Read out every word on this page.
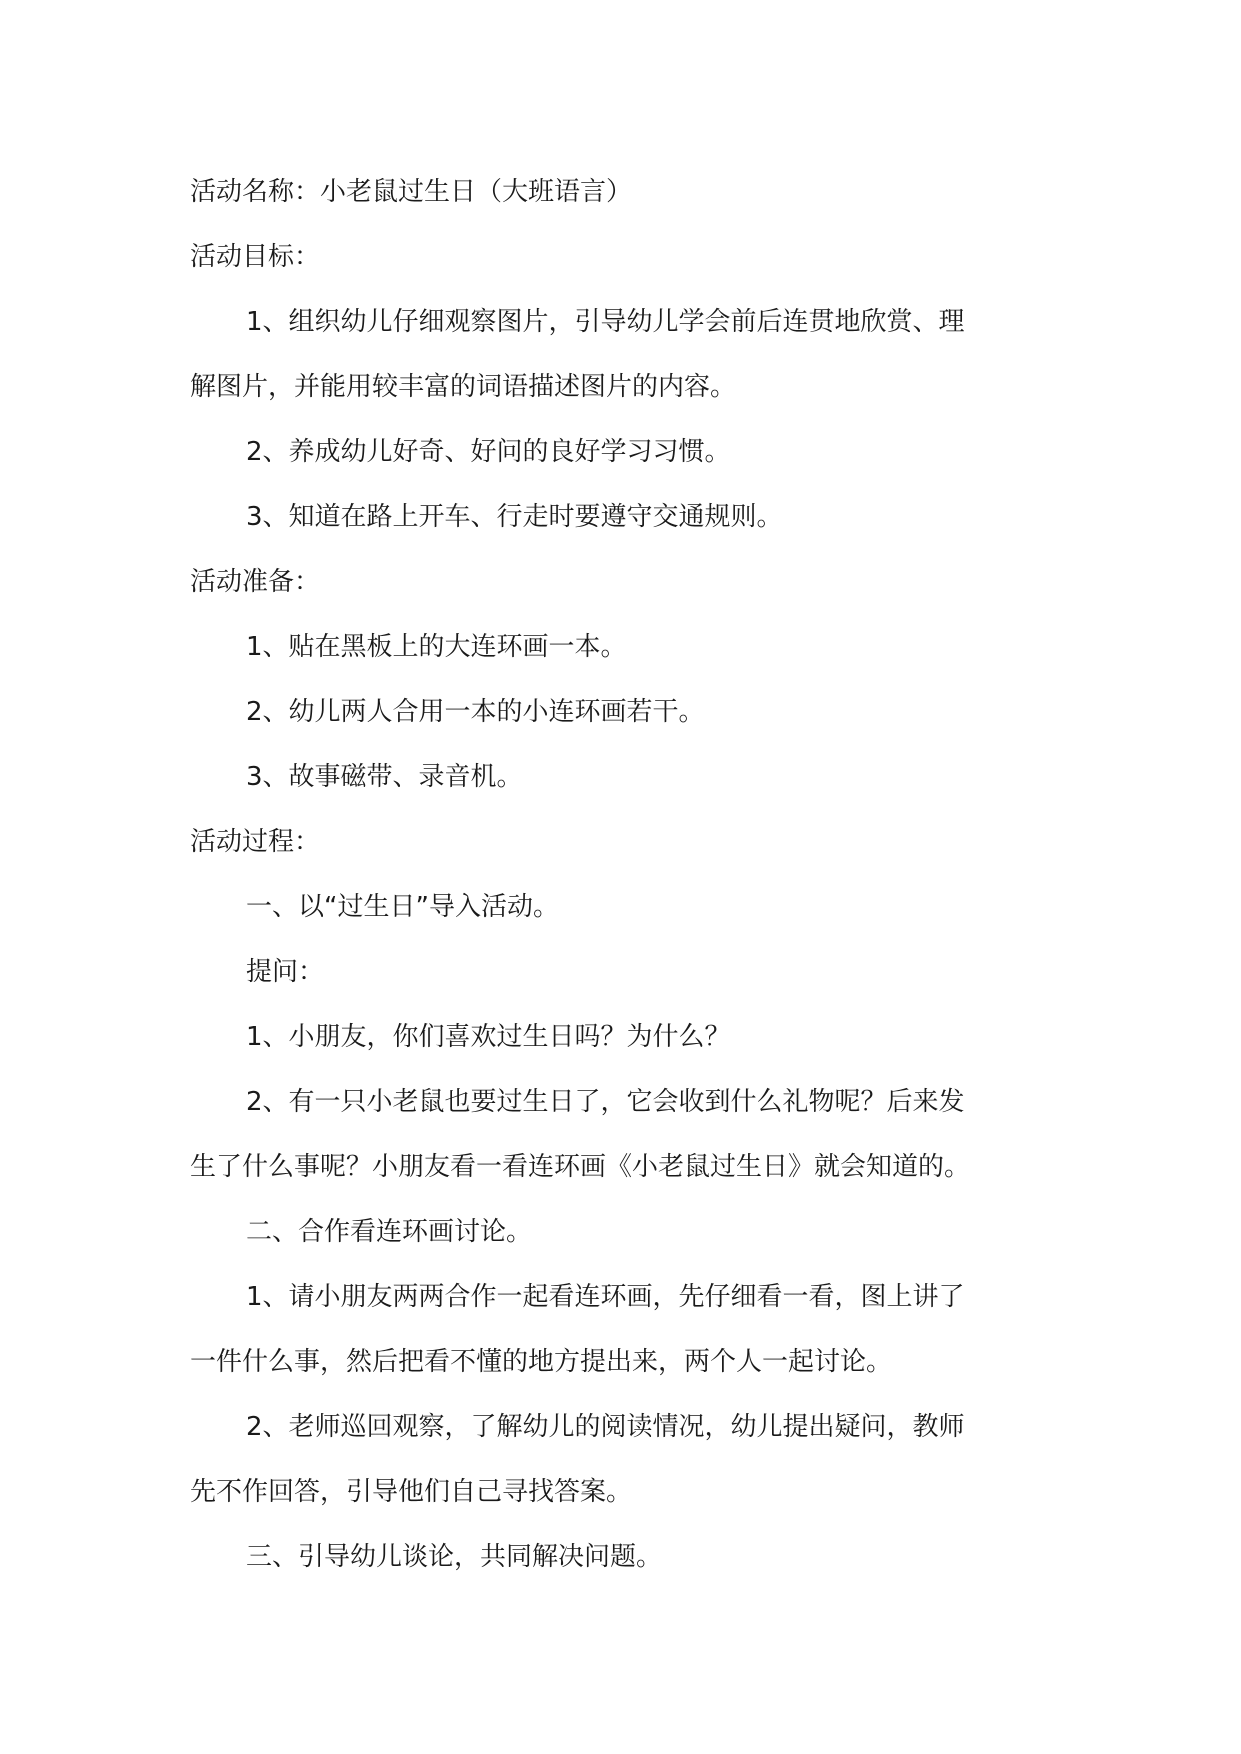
活动名称：小老鼠过生日（大班语言）

活动目标：

1、组织幼儿仔细观察图片，引导幼儿学会前后连贯地欣赏、理

解图片，并能用较丰富的词语描述图片的内容。

2、养成幼儿好奇、好问的良好学习习惯。

3、知道在路上开车、行走时要遵守交通规则。

活动准备：

1、贴在黑板上的大连环画一本。

2、幼儿两人合用一本的小连环画若干。

3、故事磁带、录音机。

活动过程：

一、以“过生日”导入活动。

提问：

1、小朋友，你们喜欢过生日吗？为什么？

2、有一只小老鼠也要过生日了，它会收到什么礼物呢？后来发

生了什么事呢？小朋友看一看连环画《小老鼠过生日》就会知道的。

二、合作看连环画讨论。

1、请小朋友两两合作一起看连环画，先仔细看一看，图上讲了

一件什么事，然后把看不懂的地方提出来，两个人一起讨论。

2、老师巡回观察，了解幼儿的阅读情况，幼儿提出疑问，教师

先不作回答，引导他们自己寻找答案。

三、引导幼儿谈论，共同解决问题。
